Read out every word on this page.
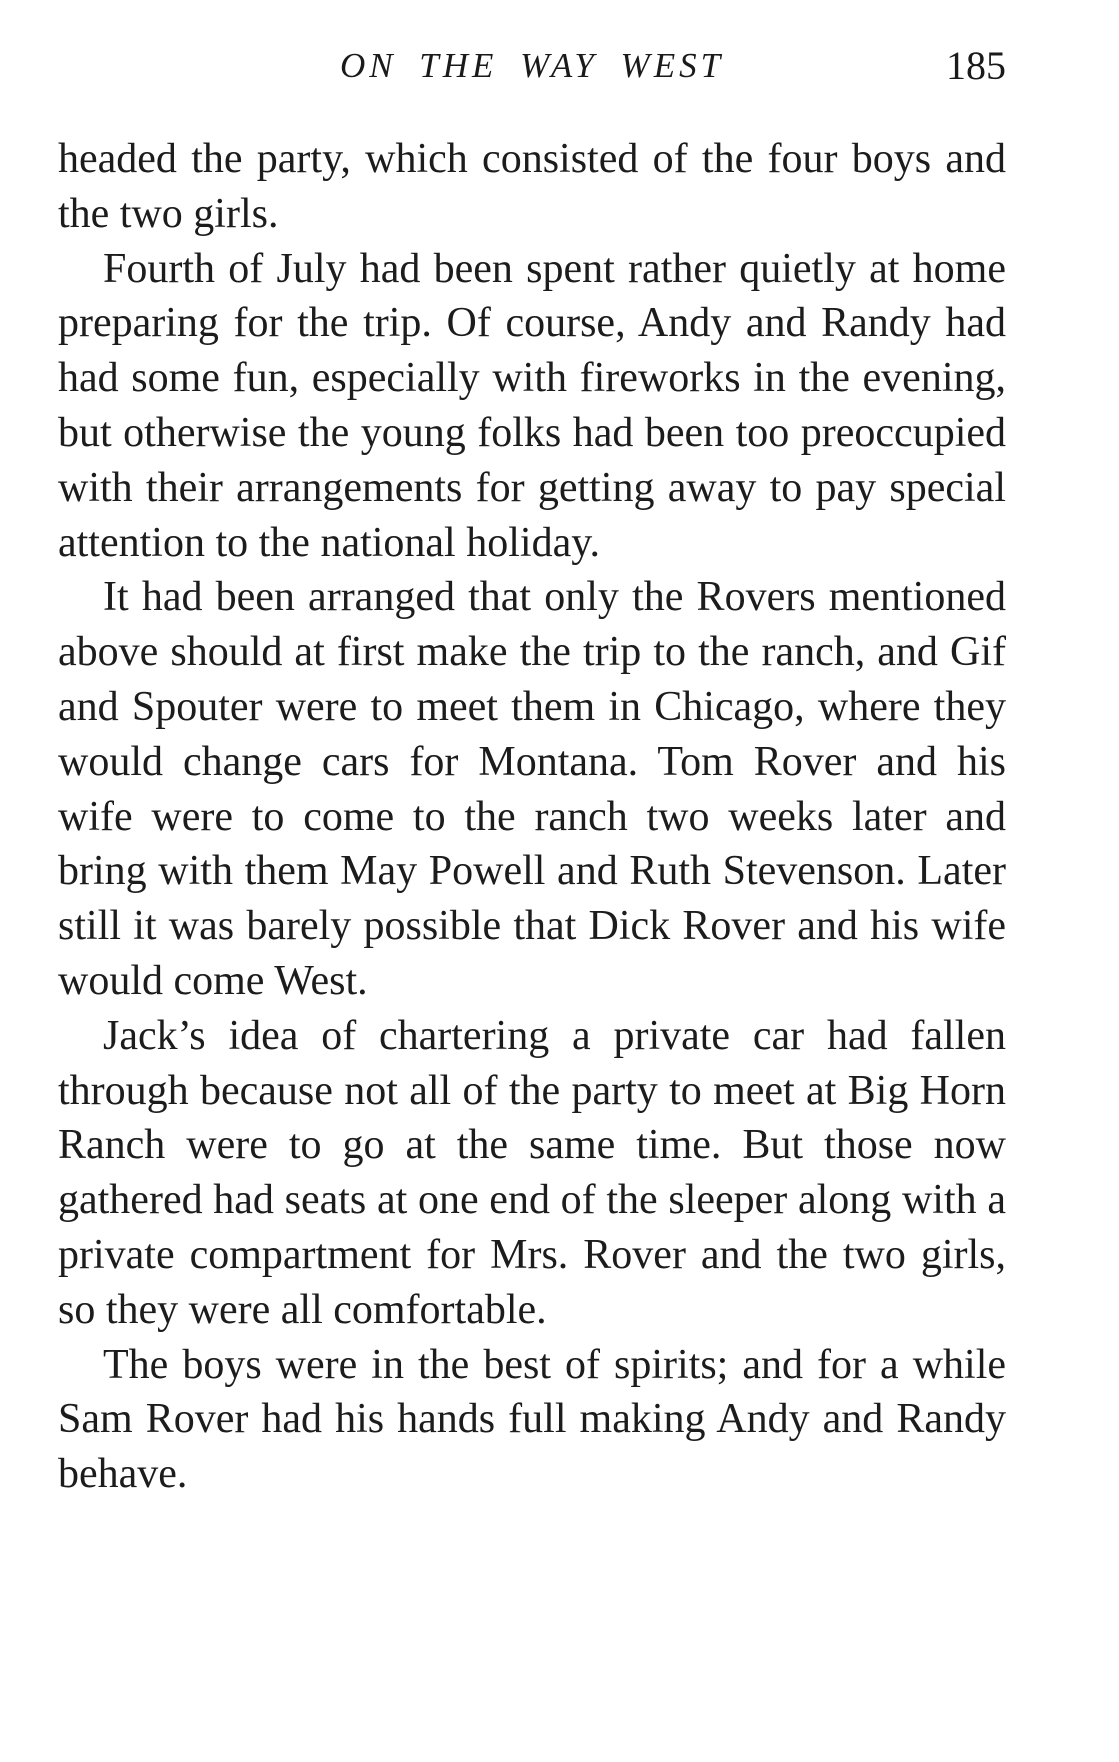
ON THE WAY WEST	185

headed the party, which consisted of the four boys and the two girls.

Fourth of July had been spent rather quietly at home preparing for the trip. Of course, Andy and Randy had had some fun, especially with fireworks in the evening, but otherwise the young folks had been too preoccupied with their arrangements for getting away to pay special attention to the national holiday.

It had been arranged that only the Rovers mentioned above should at first make the trip to the ranch, and Gif and Spouter were to meet them in Chicago, where they would change cars for Montana. Tom Rover and his wife were to come to the ranch two weeks later and bring with them May Powell and Ruth Stevenson. Later still it was barely possible that Dick Rover and his wife would come West.

Jack’s idea of chartering a private car had fallen through because not all of the party to meet at Big Horn Ranch were to go at the same time. But those now gathered had seats at one end of the sleeper along with a private compartment for Mrs. Rover and the two girls, so they were all comfortable.

The boys were in the best of spirits; and for a while Sam Rover had his hands full making Andy and Randy behave.
